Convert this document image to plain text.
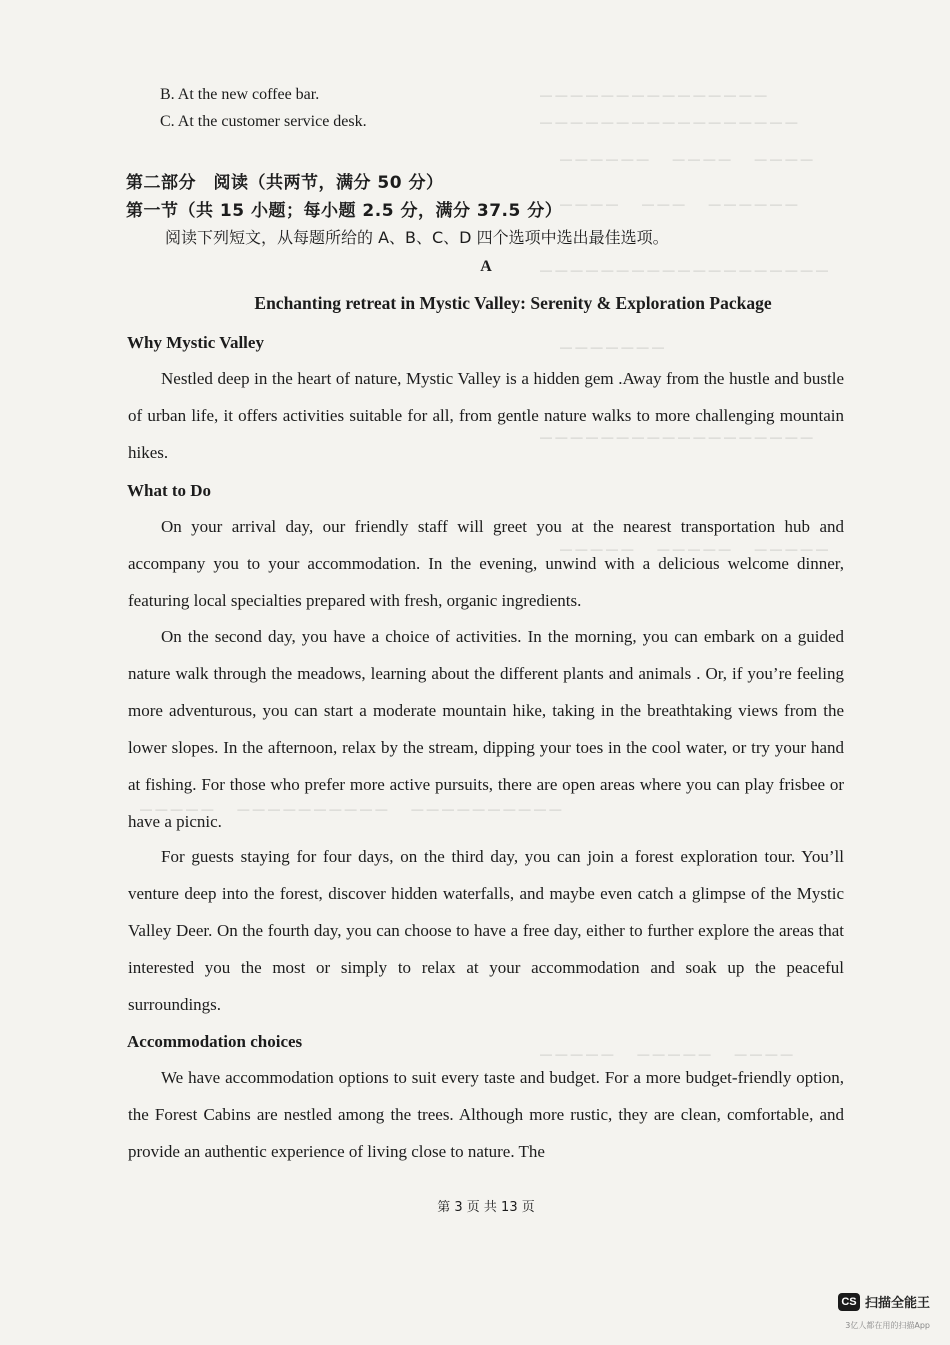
— — — — — — — — — — — — — — —
— — — — — — — — — — — — — — — — —
— — — — — —　　— — — —　　— — — —
— — — —　　— — —　　— — — — — —
— — — — — — — — — — — — — — — — — — —
— — — — — — —
— — — — — — — — — — — — — — — — — —
— — — — —　　— — — — —　　— — — — —
— — — — —　　— — — — — — — — — —　　— — — — — — — — — —
— — — — —　　— — — — —　　— — — —
B. At the new coffee bar.
C. At the customer service desk.
第二部分　阅读（共两节，满分 50 分）
第一节（共 15 小题；每小题 2.5 分，满分 37.5 分）
阅读下列短文，从每题所给的 A、B、C、D 四个选项中选出最佳选项。
A
Enchanting retreat in Mystic Valley: Serenity & Exploration Package
Why Mystic Valley

Nestled deep in the heart of nature, Mystic Valley is a hidden gem .Away from the hustle and bustle of urban life, it offers activities suitable for all, from gentle nature walks to more challenging mountain hikes.

What to Do

On your arrival day, our friendly staff will greet you at the nearest transportation hub and accompany you to your accommodation. In the evening, unwind with a delicious welcome dinner, featuring local specialties prepared with fresh, organic ingredients.

On the second day, you have a choice of activities. In the morning, you can embark on a guided nature walk through the meadows, learning about the different plants and animals . Or, if you’re feeling more adventurous, you can start a moderate mountain hike, taking in the breathtaking views from the lower slopes. In the afternoon, relax by the stream, dipping your toes in the cool water, or try your hand at fishing. For those who prefer more active pursuits, there are open areas where you can play frisbee or have a picnic.

For guests staying for four days, on the third day, you can join a forest exploration tour. You’ll venture deep into the forest, discover hidden waterfalls, and maybe even catch a glimpse of the Mystic Valley Deer. On the fourth day, you can choose to have a free day, either to further explore the areas that interested you the most or simply to relax at your accommodation and soak up the peaceful surroundings.

Accommodation choices

We have accommodation options to suit every taste and budget. For a more budget-friendly option, the Forest Cabins are nestled among the trees. Although more rustic, they are clean, comfortable, and provide an authentic experience of living close to nature. The

第 3 页 共 13 页
CS 扫描全能王
3亿人都在用的扫描App
